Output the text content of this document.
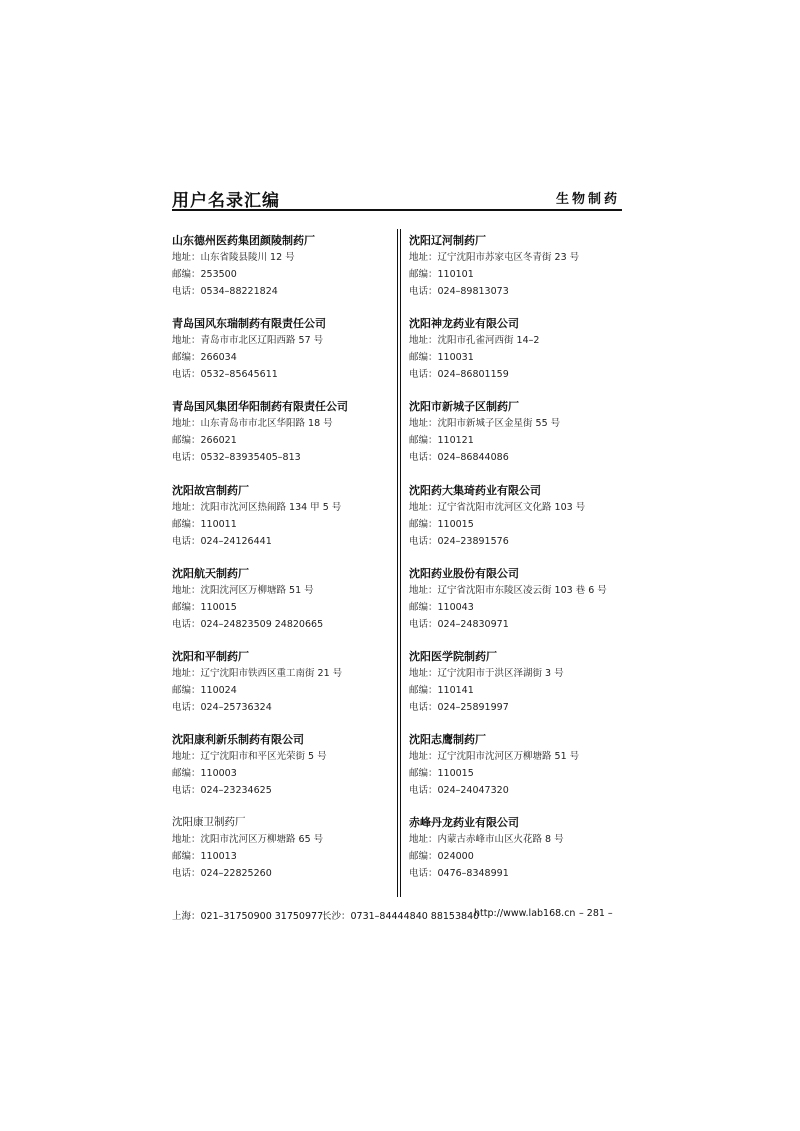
用户名录汇编	生物制药
山东德州医药集团颜陵制药厂
地址：山东省陵县陵川 12 号
邮编：253500
电话：0534–88221824
青岛国风东瑞制药有限责任公司
地址：青岛市市北区辽阳西路 57 号
邮编：266034
电话：0532–85645611
青岛国风集团华阳制药有限责任公司
地址：山东青岛市市北区华阳路 18 号
邮编：266021
电话：0532–83935405–813
沈阳故宫制药厂
地址：沈阳市沈河区热闹路 134 甲 5 号
邮编：110011
电话：024–24126441
沈阳航天制药厂
地址：沈阳沈河区万柳塘路 51 号
邮编：110015
电话：024–24823509 24820665
沈阳和平制药厂
地址：辽宁沈阳市铁西区重工南街 21 号
邮编：110024
电话：024–25736324
沈阳康利新乐制药有限公司
地址：辽宁沈阳市和平区光荣街 5 号
邮编：110003
电话：024–23234625
沈阳康卫制药厂
地址：沈阳市沈河区万柳塘路 65 号
邮编：110013
电话：024–22825260
沈阳辽河制药厂
地址：辽宁沈阳市苏家屯区冬青街 23 号
邮编：110101
电话：024–89813073
沈阳神龙药业有限公司
地址：沈阳市孔雀河西街 14–2
邮编：110031
电话：024–86801159
沈阳市新城子区制药厂
地址：沈阳市新城子区金星街 55 号
邮编：110121
电话：024–86844086
沈阳药大集琦药业有限公司
地址：辽宁省沈阳市沈河区文化路 103 号
邮编：110015
电话：024–23891576
沈阳药业股份有限公司
地址：辽宁省沈阳市东陵区凌云街 103 巷 6 号
邮编：110043
电话：024–24830971
沈阳医学院制药厂
地址：辽宁沈阳市于洪区泽湖街 3 号
邮编：110141
电话：024–25891997
沈阳志鹰制药厂
地址：辽宁沈阳市沈河区万柳塘路 51 号
邮编：110015
电话：024–24047320
赤峰丹龙药业有限公司
地址：内蒙古赤峰市山区火花路 8 号
邮编：024000
电话：0476–8348991
上海：021–31750900 31750977
长沙：0731–84444840 88153840
http://www.lab168.cn – 281 –
